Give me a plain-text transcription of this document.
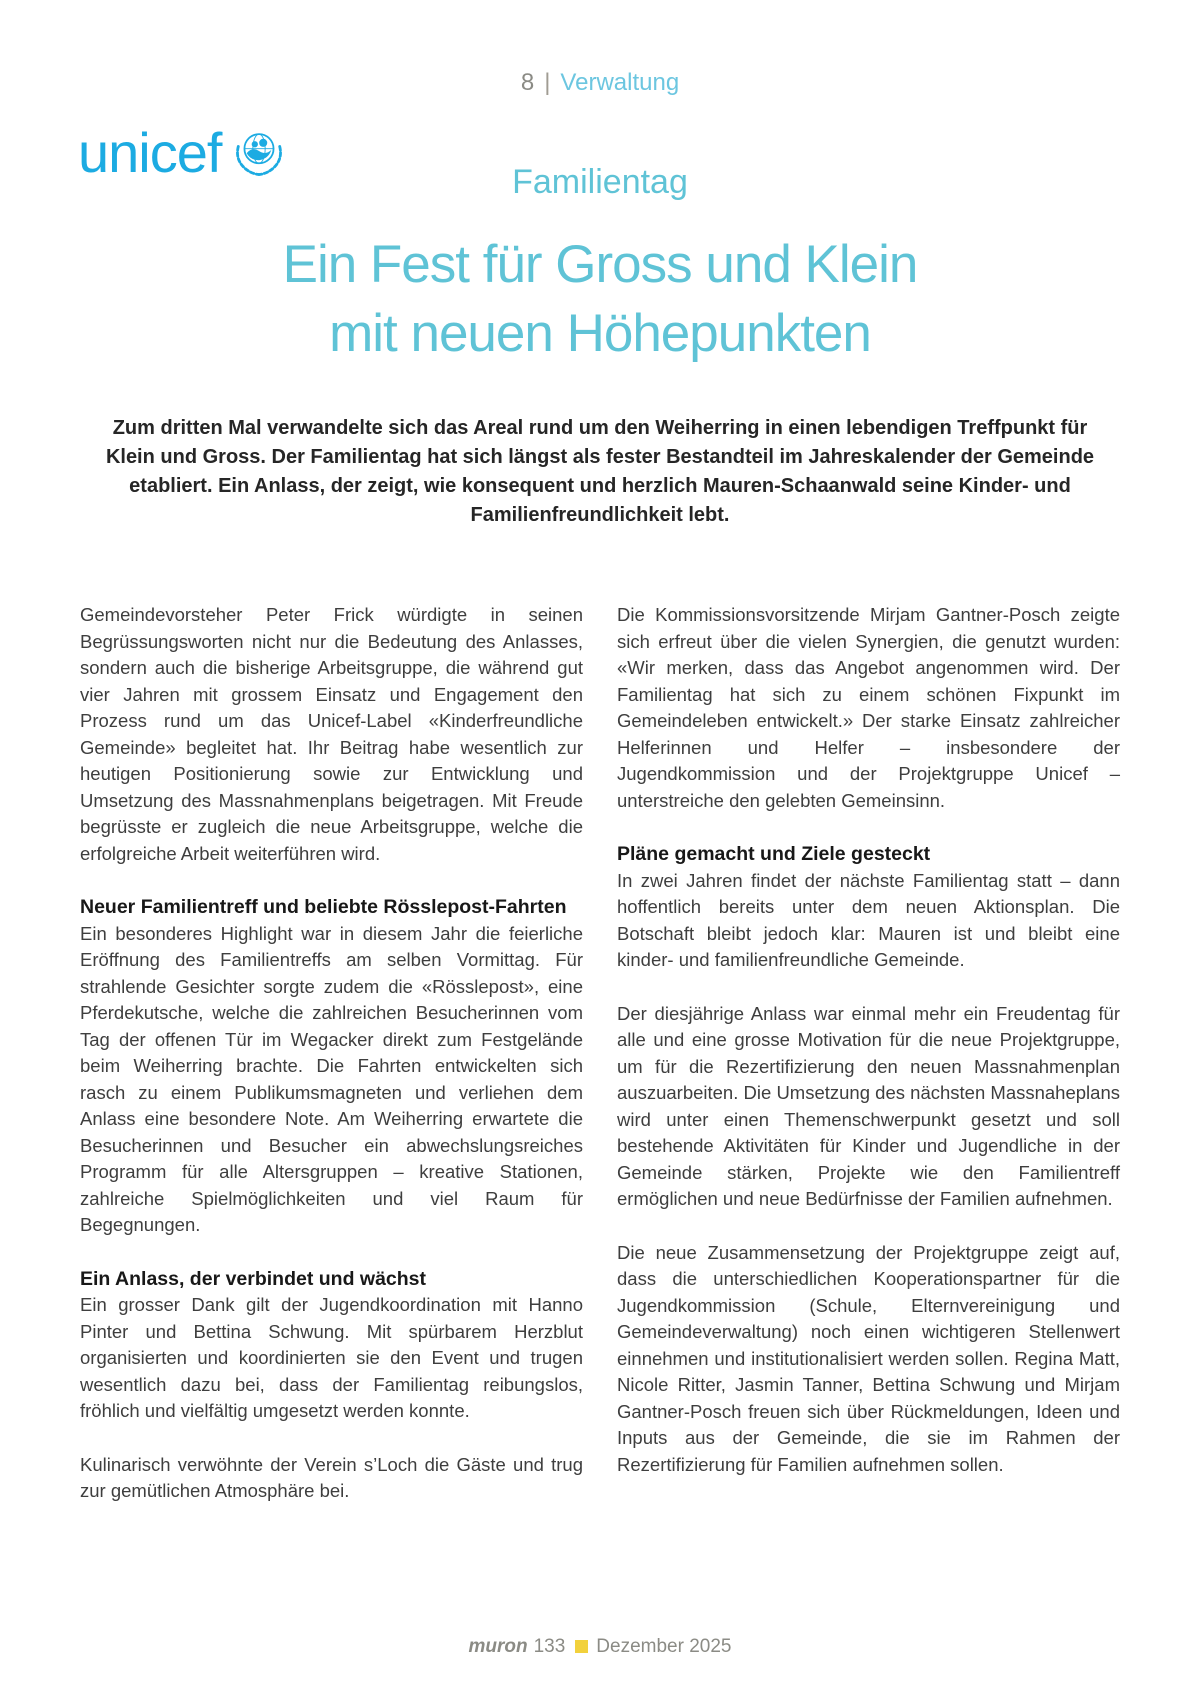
8 | Verwaltung
unicef	Familientag
Ein Fest für Gross und Klein
mit neuen Höhepunkten

Zum dritten Mal verwandelte sich das Areal rund um den Weiherring in einen lebendigen Treffpunkt für Klein und Gross. Der Familientag hat sich längst als fester Bestandteil im Jahreskalender der Gemeinde etabliert. Ein Anlass, der zeigt, wie konsequent und herzlich Mauren-Schaanwald seine Kinder- und Familienfreundlichkeit lebt.

Gemeindevorsteher Peter Frick würdigte in seinen Begrüssungsworten nicht nur die Bedeutung des Anlasses, sondern auch die bisherige Arbeitsgruppe, die während gut vier Jahren mit grossem Einsatz und Engagement den Prozess rund um das Unicef-Label «Kinderfreundliche Gemeinde» begleitet hat. Ihr Beitrag habe wesentlich zur heutigen Positionierung sowie zur Entwicklung und Umsetzung des Massnahmenplans beigetragen. Mit Freude begrüsste er zugleich die neue Arbeitsgruppe, welche die erfolgreiche Arbeit weiterführen wird.

Neuer Familientreff und beliebte Rösslepost-Fahrten

Ein besonderes Highlight war in diesem Jahr die feierliche Eröffnung des Familientreffs am selben Vormittag. Für strahlende Gesichter sorgte zudem die «Rösslepost», eine Pferdekutsche, welche die zahlreichen Besucherinnen vom Tag der offenen Tür im Wegacker direkt zum Festgelände beim Weiherring brachte. Die Fahrten entwickelten sich rasch zu einem Publikumsmagneten und verliehen dem Anlass eine besondere Note. Am Weiherring erwartete die Besucherinnen und Besucher ein abwechslungsreiches Programm für alle Altersgruppen – kreative Stationen, zahlreiche Spielmöglichkeiten und viel Raum für Begegnungen.

Ein Anlass, der verbindet und wächst

Ein grosser Dank gilt der Jugendkoordination mit Hanno Pinter und Bettina Schwung. Mit spürbarem Herzblut organisierten und koordinierten sie den Event und trugen wesentlich dazu bei, dass der Familientag reibungslos, fröhlich und vielfältig umgesetzt werden konnte.

Kulinarisch verwöhnte der Verein s’Loch die Gäste und trug zur gemütlichen Atmosphäre bei.

Die Kommissionsvorsitzende Mirjam Gantner-Posch zeigte sich erfreut über die vielen Synergien, die genutzt wurden: «Wir merken, dass das Angebot angenommen wird. Der Familientag hat sich zu einem schönen Fixpunkt im Gemeindeleben entwickelt.» Der starke Einsatz zahlreicher Helferinnen und Helfer – insbesondere der Jugendkommission und der Projektgruppe Unicef – unterstreiche den gelebten Gemeinsinn.

Pläne gemacht und Ziele gesteckt

In zwei Jahren findet der nächste Familientag statt – dann hoffentlich bereits unter dem neuen Aktionsplan. Die Botschaft bleibt jedoch klar: Mauren ist und bleibt eine kinder- und familienfreundliche Gemeinde.

Der diesjährige Anlass war einmal mehr ein Freudentag für alle und eine grosse Motivation für die neue Projektgruppe, um für die Rezertifizierung den neuen Massnahmenplan auszuarbeiten. Die Umsetzung des nächsten Massnaheplans wird unter einen Themenschwerpunkt gesetzt und soll bestehende Aktivitäten für Kinder und Jugendliche in der Gemeinde stärken, Projekte wie den Familientreff ermöglichen und neue Bedürfnisse der Familien aufnehmen.

Die neue Zusammensetzung der Projektgruppe zeigt auf, dass die unterschiedlichen Kooperationspartner für die Jugendkommission (Schule, Elternvereinigung und Gemeindeverwaltung) noch einen wichtigeren Stellenwert einnehmen und institutionalisiert werden sollen. Regina Matt, Nicole Ritter, Jasmin Tanner, Bettina Schwung und Mirjam Gantner-Posch freuen sich über Rückmeldungen, Ideen und Inputs aus der Gemeinde, die sie im Rahmen der Rezertifizierung für Familien aufnehmen sollen.

muron 133 Dezember 2025
